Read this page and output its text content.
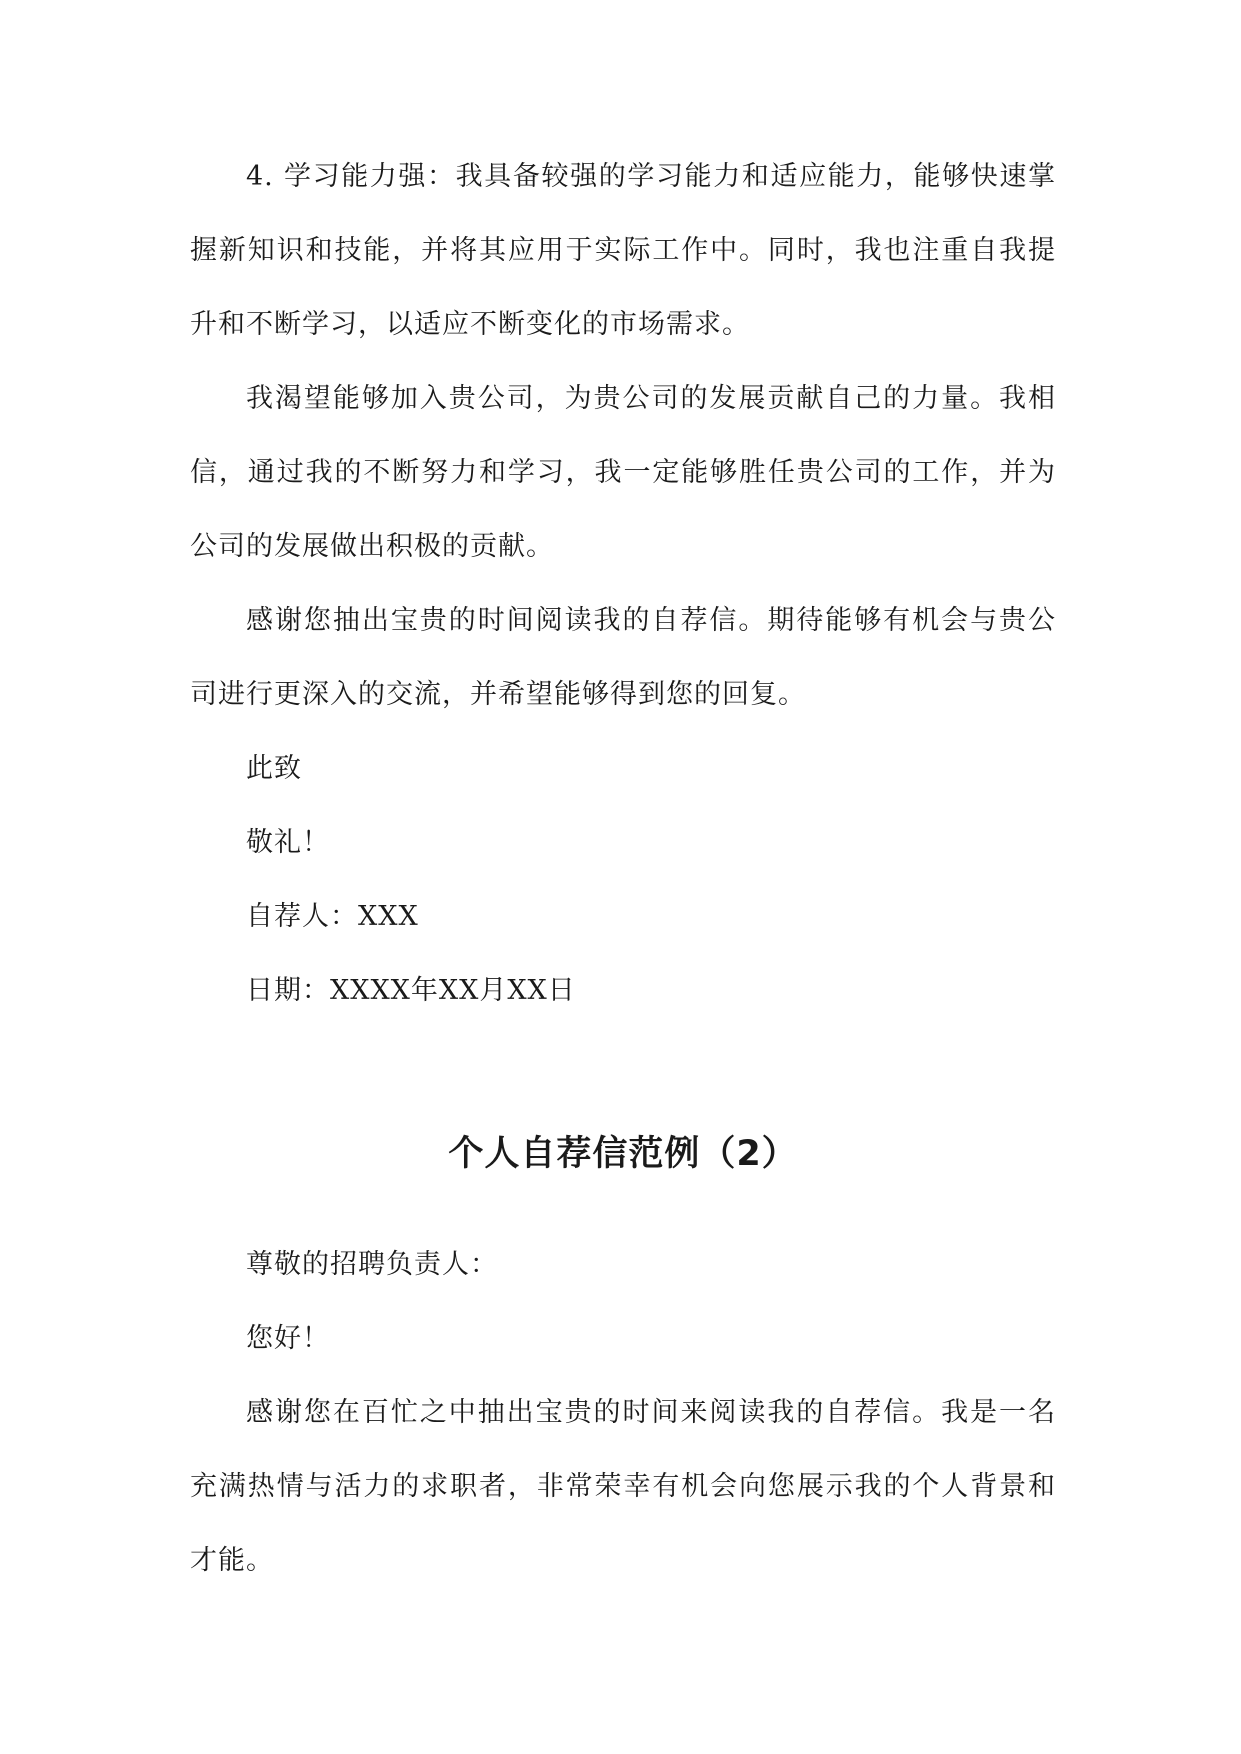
4. 学习能力强：我具备较强的学习能力和适应能力，能够快速掌握新知识和技能，并将其应用于实际工作中。同时，我也注重自我提升和不断学习，以适应不断变化的市场需求。

我渴望能够加入贵公司，为贵公司的发展贡献自己的力量。我相信，通过我的不断努力和学习，我一定能够胜任贵公司的工作，并为公司的发展做出积极的贡献。

感谢您抽出宝贵的时间阅读我的自荐信。期待能够有机会与贵公司进行更深入的交流，并希望能够得到您的回复。

此致

敬礼！

自荐人：XXX

日期：XXXX年XX月XX日

个人自荐信范例（2）

尊敬的招聘负责人：

您好！

感谢您在百忙之中抽出宝贵的时间来阅读我的自荐信。我是一名充满热情与活力的求职者，非常荣幸有机会向您展示我的个人背景和才能。
